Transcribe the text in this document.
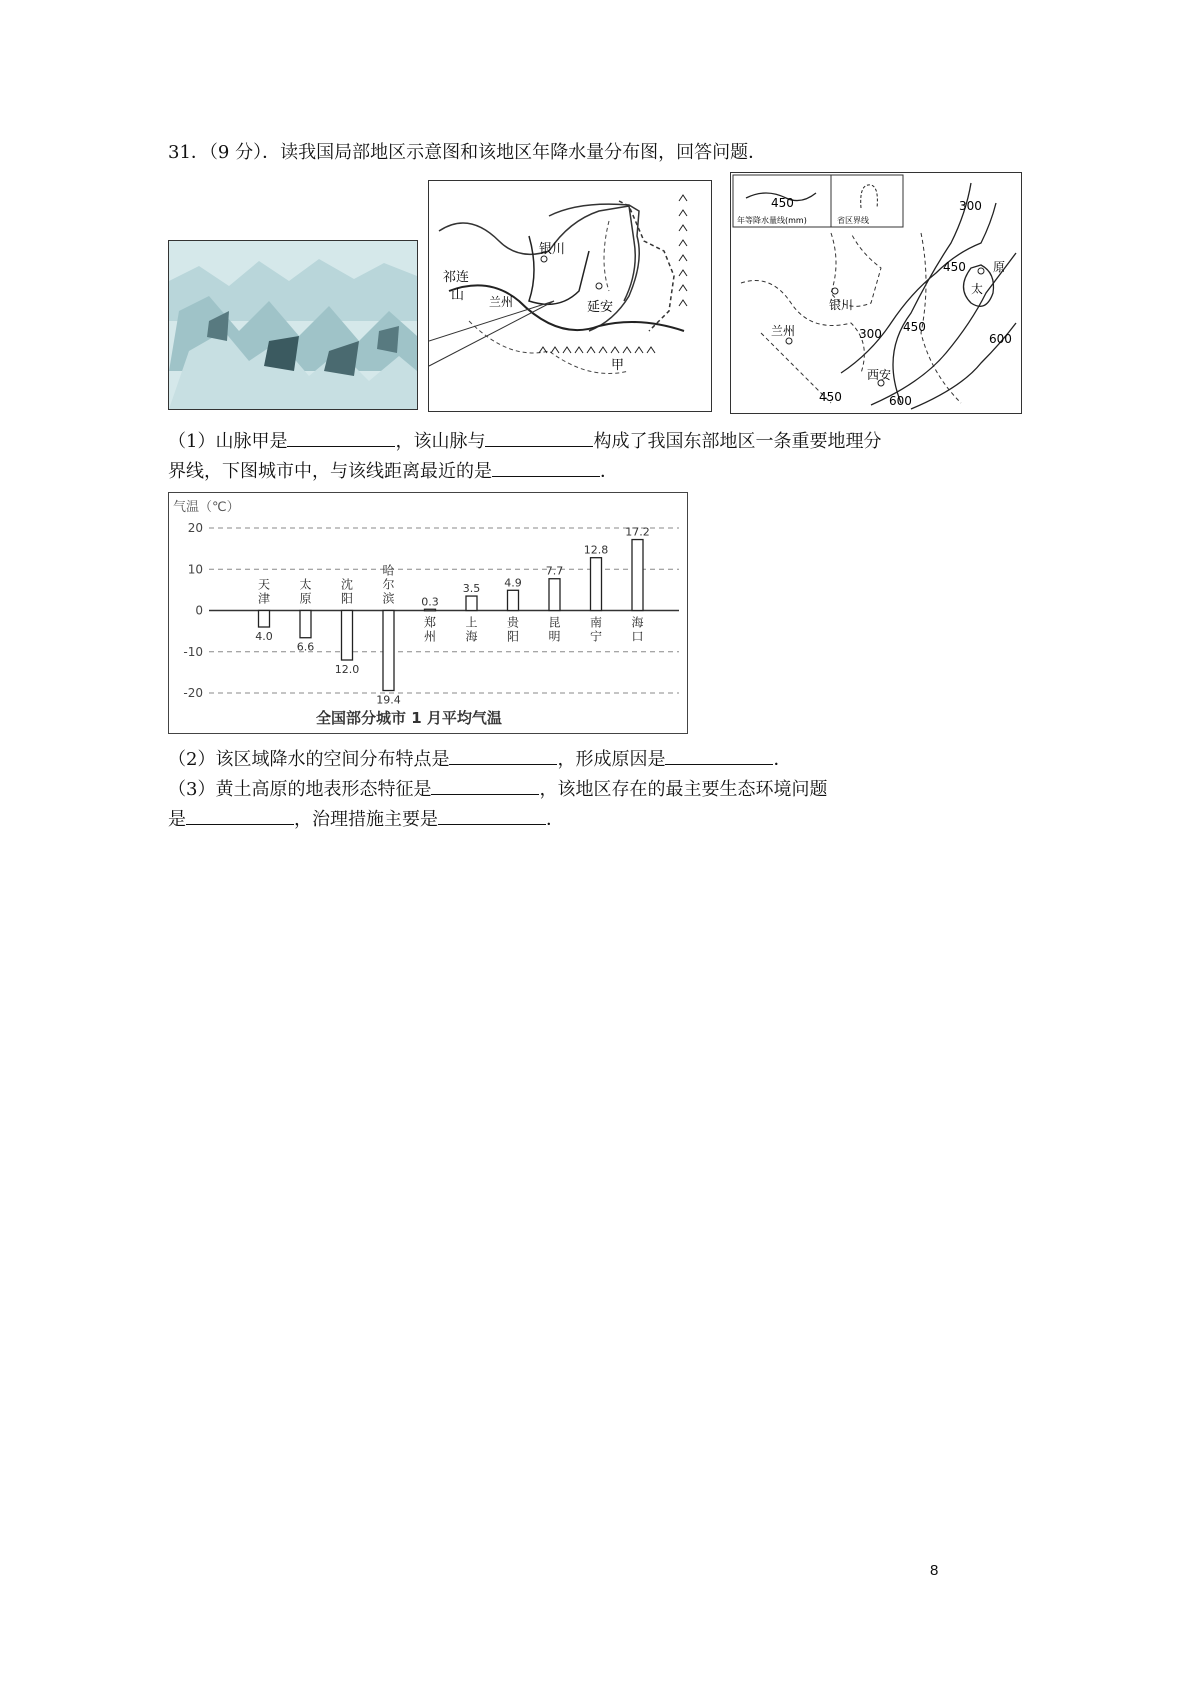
31．（9 分）．读我国局部地区示意图和该地区年降水量分布图，回答问题．
银川
延安
兰州
祁连
山
甲
450
年等降水量线(mm)	省区界线
300
450
300 450
600
450	600
银川
兰州
西安
原
太
（1）山脉甲是	，该山脉与	构成了我国东部地区一条重要地理分
界线，下图城市中，与该线距离最近的是	．
气温（℃）
20
10
0
-10
-20
天津
4.0
太原
6.6
沈阳
12.0
哈尔滨
19.4
郑州
0.3
上海
3.5
贵阳
4.9
昆明
7.7
南宁
12.8
海口
17.2
全国部分城市 1 月平均气温
（2）该区域降水的空间分布特点是	，形成原因是	．
（3）黄土高原的地表形态特征是	，该地区存在的最主要生态环境问题
是	，治理措施主要是	．
8
